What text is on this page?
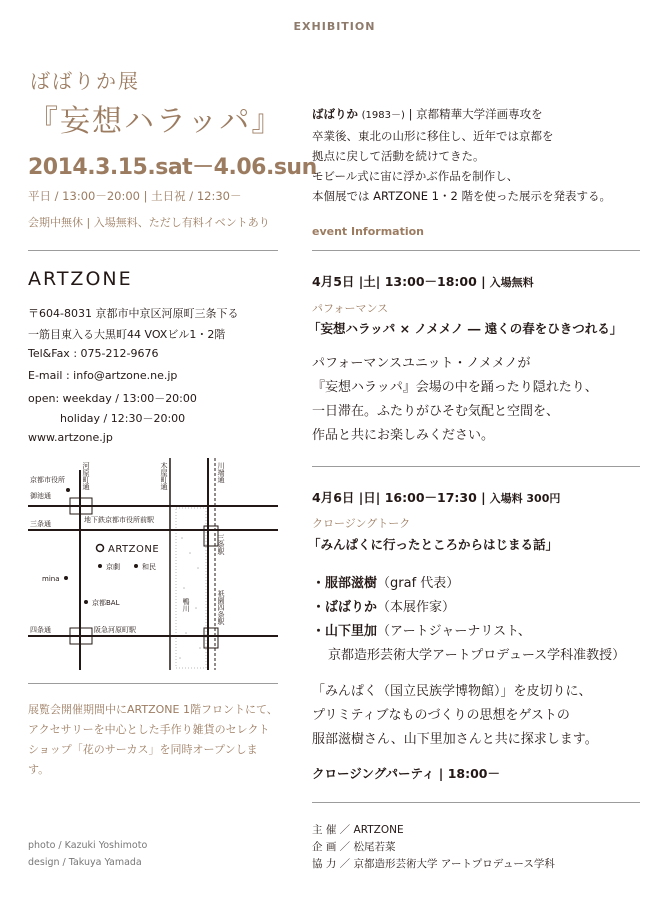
EXHIBITION
ばばりか展
『妄想ハラッパ』
2014.3.15.sat－4.06.sun
平日 / 13:00－20:00 | 土日祝 / 12:30－
会期中無休 | 入場無料、ただし有料イベントあり
ARTZONE
〒604-8031 京都市中京区河原町三条下る
一筋目東入る大黒町44 VOXビル1・2階
Tel&Fax : 075-212-9676
E-mail : info@artzone.ne.jp
open: weekday / 13:00－20:00
holiday / 12:30－20:00
www.artzone.jp
京都市役所
御池通
河原町通	木屋町通	川端通
地下鉄京都市役所前駅
三条通
三条駅
ARTZONE
京劇	和民
mina
京都BAL	鴨川	祇園四条駅
四条通	阪急河原町駅
展覧会開催期間中にARTZONE 1階フロントにて、アクセサリーを中心とした手作り雑貨のセレクトショップ「花のサーカス」を同時オープンします。
photo / Kazuki Yoshimoto
design / Takuya Yamada
ばばりか (1983－) | 京都精華大学洋画専攻を
卒業後、東北の山形に移住し、近年では京都を
拠点に戻して活動を続けてきた。
モビール式に宙に浮かぶ作品を制作し、
本個展では ARTZONE 1・2 階を使った展示を発表する。
event Information
4月5日 |土| 13:00－18:00 | 入場無料
パフォーマンス
「妄想ハラッパ × ノメメノ ― 遠くの春をひきつれる」
パフォーマンスユニット・ノメメノが
『妄想ハラッパ』会場の中を踊ったり隠れたり、
一日滞在。ふたりがひそむ気配と空間を、
作品と共にお楽しみください。
4月6日 |日| 16:00－17:30 | 入場料 300円
クロージングトーク
「みんぱくに行ったところからはじまる話」
・服部滋樹（graf 代表）
・ばばりか（本展作家）
・山下里加（アートジャーナリスト、
京都造形芸術大学アートプロデュース学科准教授）
「みんぱく（国立民族学博物館）」を皮切りに、
プリミティブなものづくりの思想をゲストの
服部滋樹さん、山下里加さんと共に探求します。
クロージングパーティ | 18:00－
主 催 ／ ARTZONE
企 画 ／ 松尾若菜
協 力 ／ 京都造形芸術大学 アートプロデュース学科
